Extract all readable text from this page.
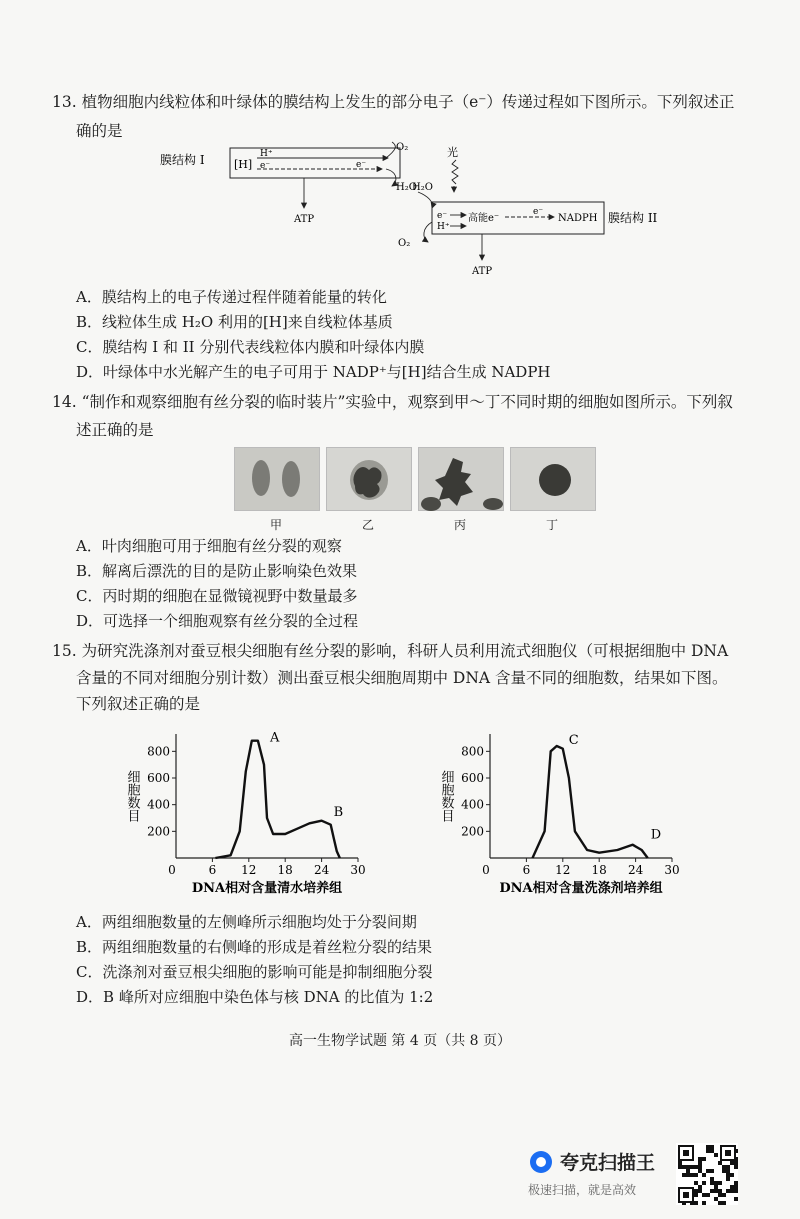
13. 植物细胞内线粒体和叶绿体的膜结构上发生的部分电子（e⁻）传递过程如下图所示。下列叙述正
确的是
膜结构 I	[H]
H⁺
e⁻	e⁻
O₂
H₂O
ATP
光
H₂O
膜结构 II
e⁻
H⁺
高能e⁻
e⁻
NADPH
O₂
ATP
A．膜结构上的电子传递过程伴随着能量的转化
B．线粒体生成 H₂O 利用的[H]来自线粒体基质
C．膜结构 I 和 II 分别代表线粒体内膜和叶绿体内膜
D．叶绿体中水光解产生的电子可用于 NADP⁺与[H]结合生成 NADPH
14. “制作和观察细胞有丝分裂的临时装片”实验中，观察到甲～丁不同时期的细胞如图所示。下列叙
述正确的是
甲	乙	丙	丁
A．叶肉细胞可用于细胞有丝分裂的观察
B．解离后漂洗的目的是防止影响染色效果
C．丙时期的细胞在显微镜视野中数量最多
D．可选择一个细胞观察有丝分裂的全过程
15. 为研究洗涤剂对蚕豆根尖细胞有丝分裂的影响，科研人员利用流式细胞仪（可根据细胞中 DNA
含量的不同对细胞分别计数）测出蚕豆根尖细胞周期中 DNA 含量不同的细胞数，结果如下图。
下列叙述正确的是
0	6 12 18 24 30
200
400
600
800
A
B
DNA相对含量清水培养组
细胞数目
0	6 12 18 24 30
200
400
600
800
C
D
DNA相对含量洗涤剂培养组
细胞数目
A．两组细胞数量的左侧峰所示细胞均处于分裂间期
B．两组细胞数量的右侧峰的形成是着丝粒分裂的结果
C．洗涤剂对蚕豆根尖细胞的影响可能是抑制细胞分裂
D．B 峰所对应细胞中染色体与核 DNA 的比值为 1:2
高一生物学试题 第 4 页（共 8 页）
夸克扫描王
极速扫描，就是高效
